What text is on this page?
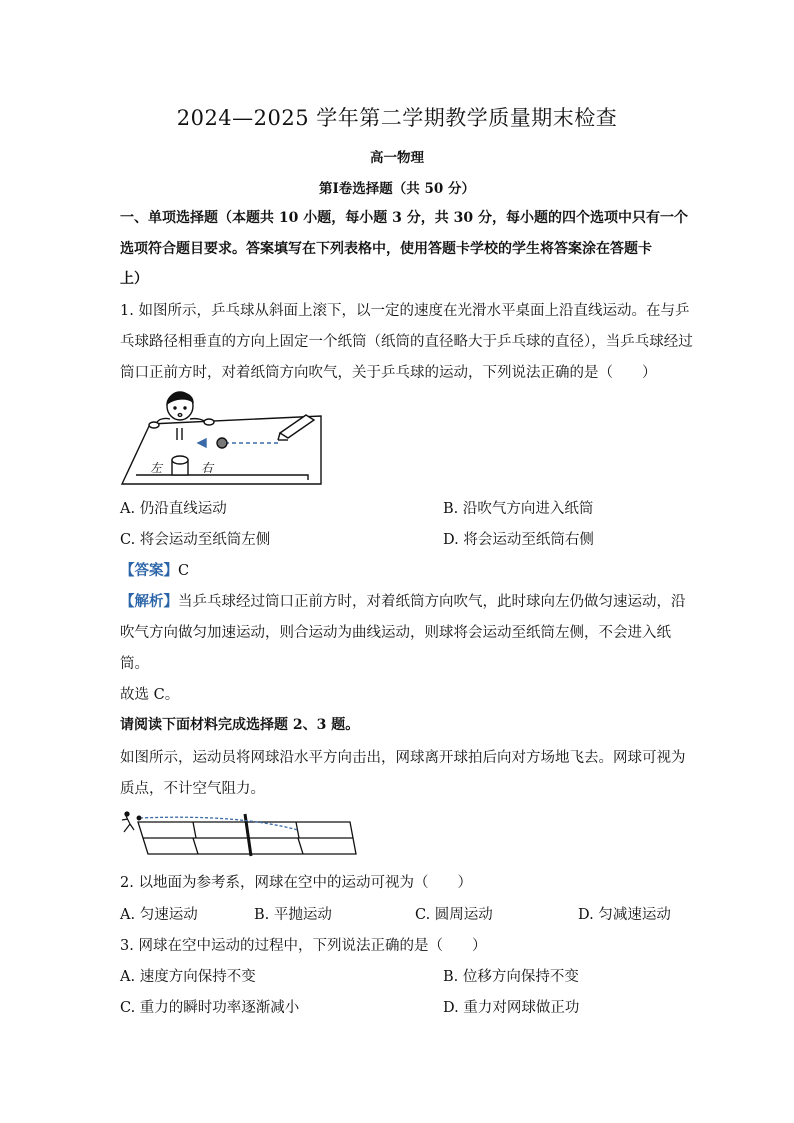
2024—2025 学年第二学期教学质量期末检查
高一物理
第Ⅰ卷选择题（共 50 分）
一、单项选择题（本题共 10 小题，每小题 3 分，共 30 分，每小题的四个选项中只有一个
选项符合题目要求。答案填写在下列表格中，使用答题卡学校的学生将答案涂在答题卡
上）
1. 如图所示，乒乓球从斜面上滚下，以一定的速度在光滑水平桌面上沿直线运动。在与乒
乓球路径相垂直的方向上固定一个纸筒（纸筒的直径略大于乒乓球的直径），当乒乓球经过
筒口正前方时，对着纸筒方向吹气，关于乒乓球的运动，下列说法正确的是（　　）
左	右
A. 仍沿直线运动	B. 沿吹气方向进入纸筒
C. 将会运动至纸筒左侧	D. 将会运动至纸筒右侧
【答案】C
【解析】当乒乓球经过筒口正前方时，对着纸筒方向吹气，此时球向左仍做匀速运动，沿
吹气方向做匀加速运动，则合运动为曲线运动，则球将会运动至纸筒左侧，不会进入纸
筒。
故选 C。
请阅读下面材料完成选择题 2、3 题。
如图所示，运动员将网球沿水平方向击出，网球离开球拍后向对方场地飞去。网球可视为
质点，不计空气阻力。
2. 以地面为参考系，网球在空中的运动可视为（　　）
A. 匀速运动	B. 平抛运动	C. 圆周运动	D. 匀减速运动
3. 网球在空中运动的过程中，下列说法正确的是（　　）
A. 速度方向保持不变	B. 位移方向保持不变
C. 重力的瞬时功率逐渐减小	D. 重力对网球做正功
